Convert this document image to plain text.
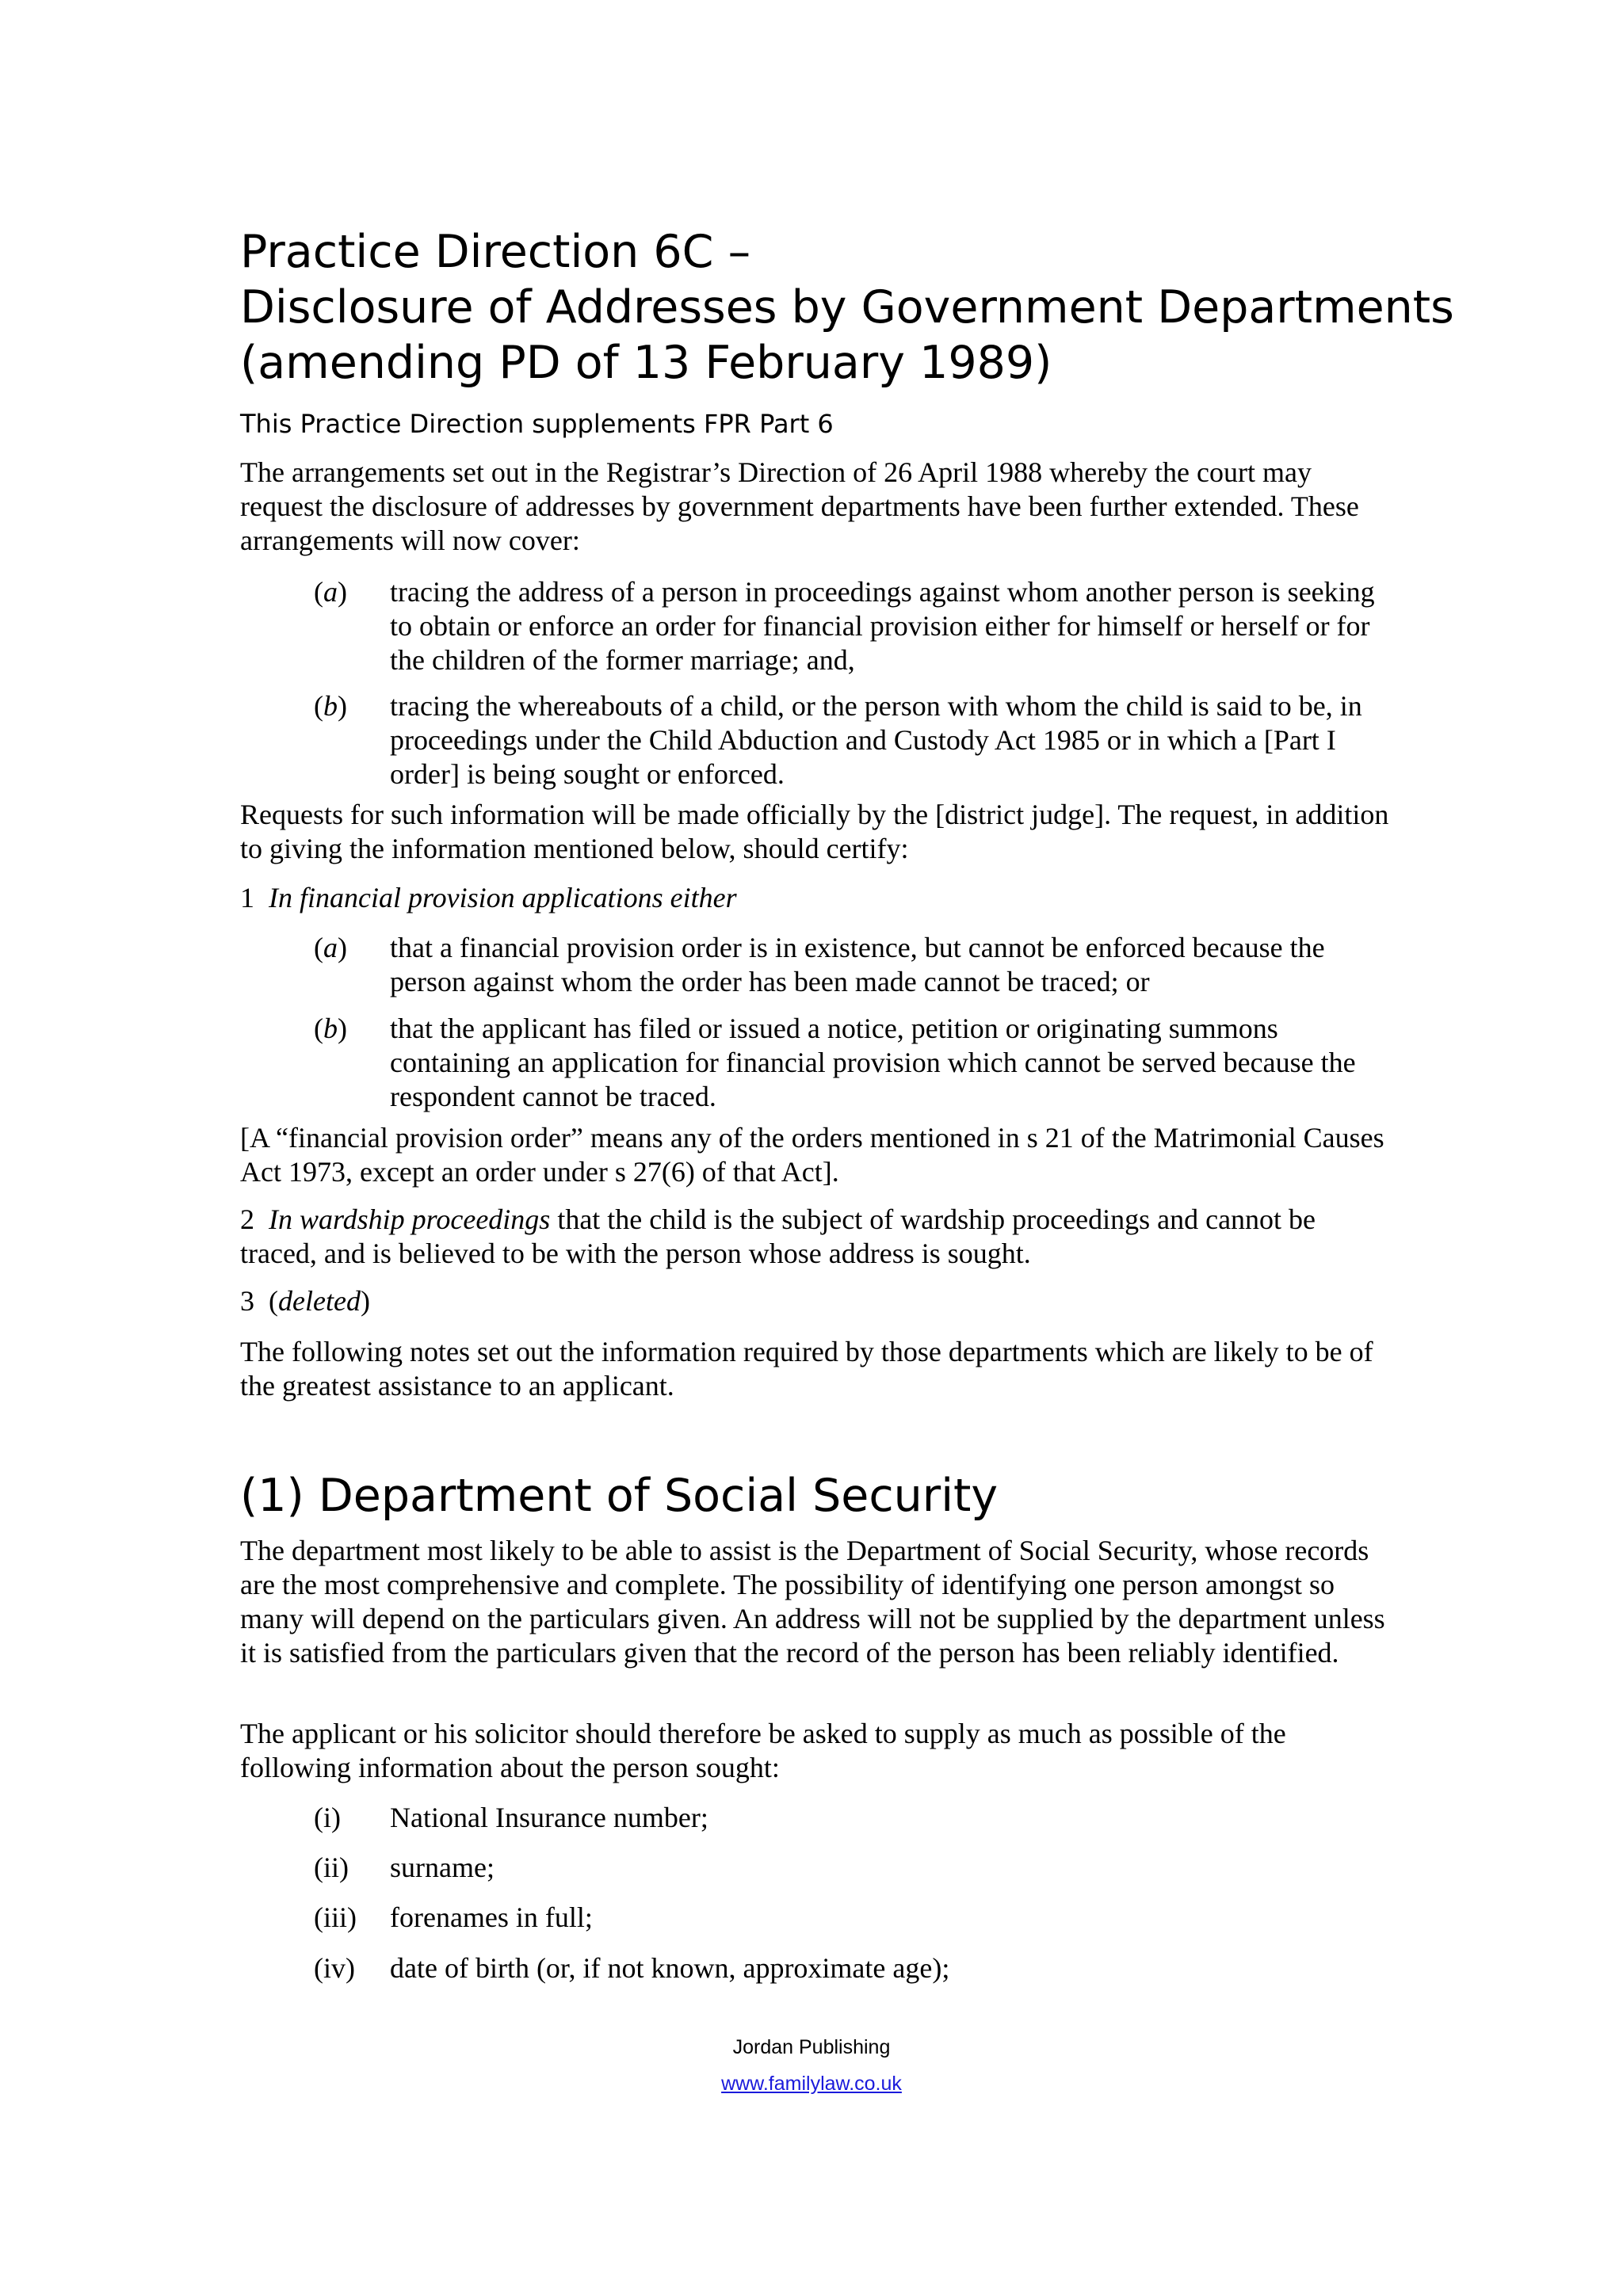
Practice Direction 6C –
Disclosure of Addresses by Government Departments
(amending PD of 13 February 1989)
This Practice Direction supplements FPR Part 6
The arrangements set out in the Registrar’s Direction of 26 April 1988 whereby the court may request the disclosure of addresses by government departments have been further extended. These arrangements will now cover:
(a) tracing the address of a person in proceedings against whom another person is seeking to obtain or enforce an order for financial provision either for himself or herself or for the children of the former marriage; and,
(b) tracing the whereabouts of a child, or the person with whom the child is said to be, in proceedings under the Child Abduction and Custody Act 1985 or in which a [Part I order] is being sought or enforced.
Requests for such information will be made officially by the [district judge]. The request, in addition to giving the information mentioned below, should certify:
1 In financial provision applications either
(a) that a financial provision order is in existence, but cannot be enforced because the person against whom the order has been made cannot be traced; or
(b) that the applicant has filed or issued a notice, petition or originating summons containing an application for financial provision which cannot be served because the respondent cannot be traced.
[A “financial provision order” means any of the orders mentioned in s 21 of the Matrimonial Causes Act 1973, except an order under s 27(6) of that Act].
2 In wardship proceedings that the child is the subject of wardship proceedings and cannot be traced, and is believed to be with the person whose address is sought.
3  (deleted)
The following notes set out the information required by those departments which are likely to be of the greatest assistance to an applicant.
(1) Department of Social Security
The department most likely to be able to assist is the Department of Social Security, whose records are the most comprehensive and complete. The possibility of identifying one person amongst so many will depend on the particulars given. An address will not be supplied by the department unless it is satisfied from the particulars given that the record of the person has been reliably identified.
The applicant or his solicitor should therefore be asked to supply as much as possible of the following information about the person sought:
(i) National Insurance number;
(ii) surname;
(iii) forenames in full;
(iv) date of birth (or, if not known, approximate age);
Jordan Publishing
www.familylaw.co.uk
